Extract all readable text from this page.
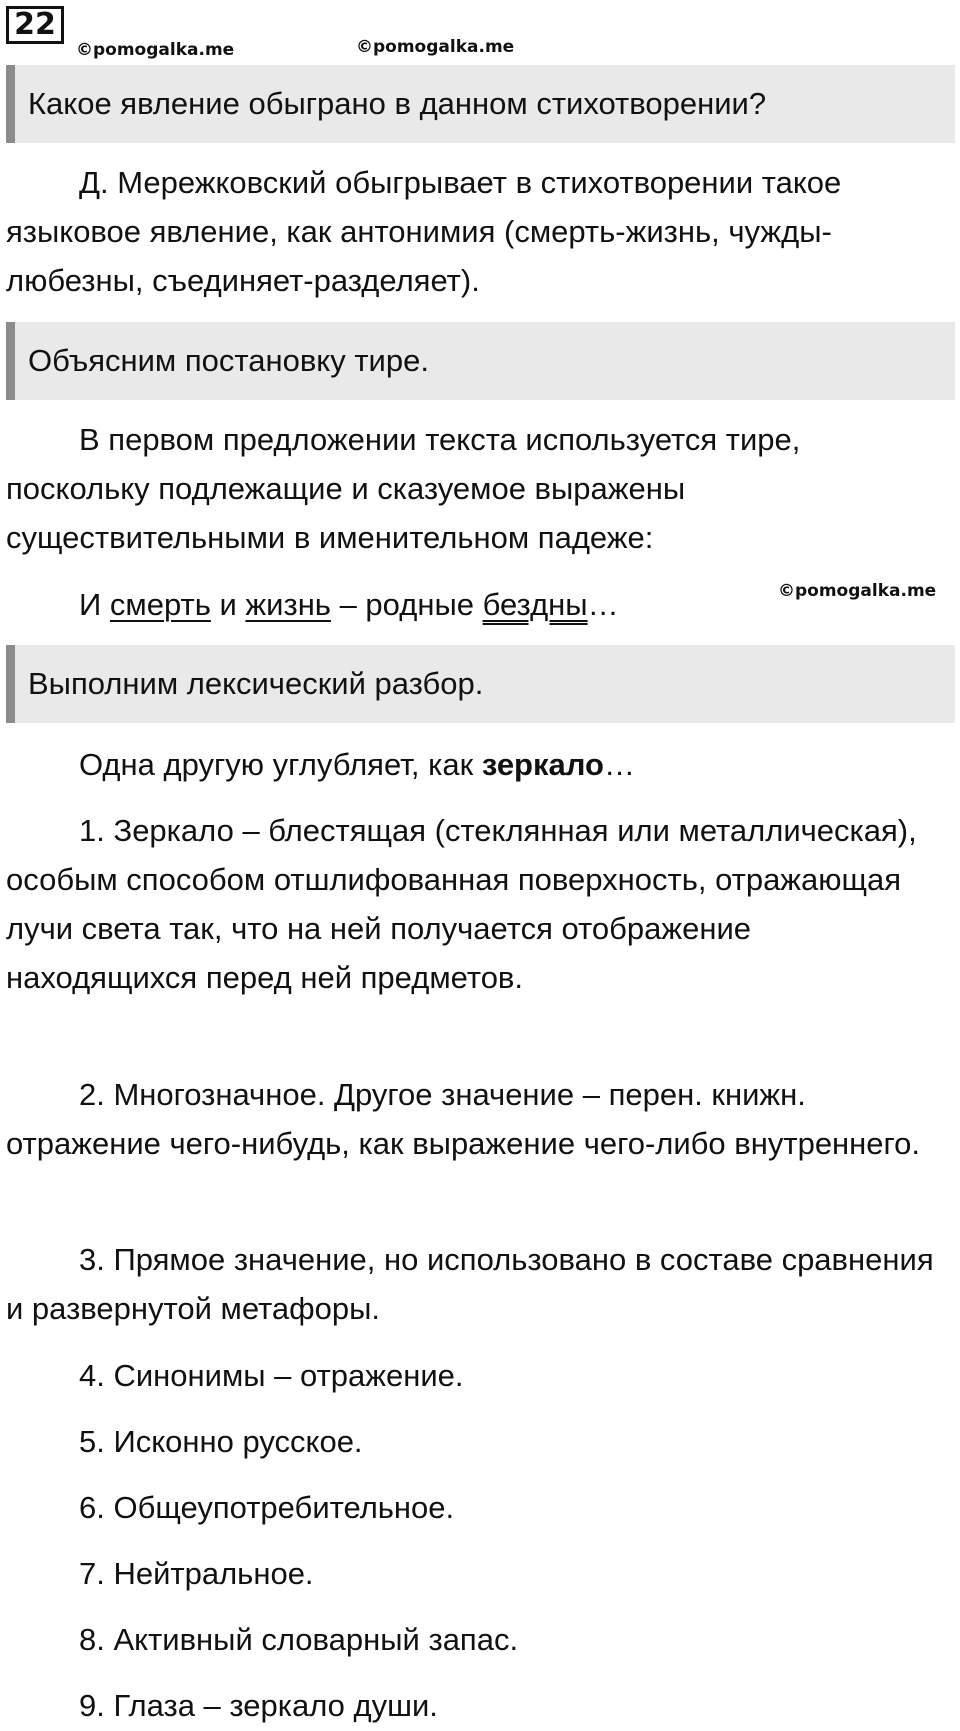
22
©pomogalka.me	©pomogalka.me
Какое явление обыграно в данном стихотворении?

Д. Мережковский обыгрывает в стихотворении такое языковое явление, как антонимия (смерть-жизнь, чужды-любезны, съединяет-разделяет).

Объясним постановку тире.

В первом предложении текста используется тире, поскольку подлежащие и сказуемое выражены существительными в именительном падеже:

И смерть и жизнь – родные бездны…	©pomogalka.me
Выполним лексический разбор.

Одна другую углубляет, как зеркало…

1. Зеркало – блестящая (стеклянная или металлическая), особым способом отшлифованная поверхность, отражающая лучи света так, что на ней получается отображение находящихся перед ней предметов.

2. Многозначное. Другое значение – перен. книжн. отражение чего-нибудь, как выражение чего-либо внутреннего.

3. Прямое значение, но использовано в составе сравнения и развернутой метафоры.

4. Синонимы – отражение.

5. Исконно русское.

6. Общеупотребительное.

7. Нейтральное.

8. Активный словарный запас.

9. Глаза – зеркало души.
